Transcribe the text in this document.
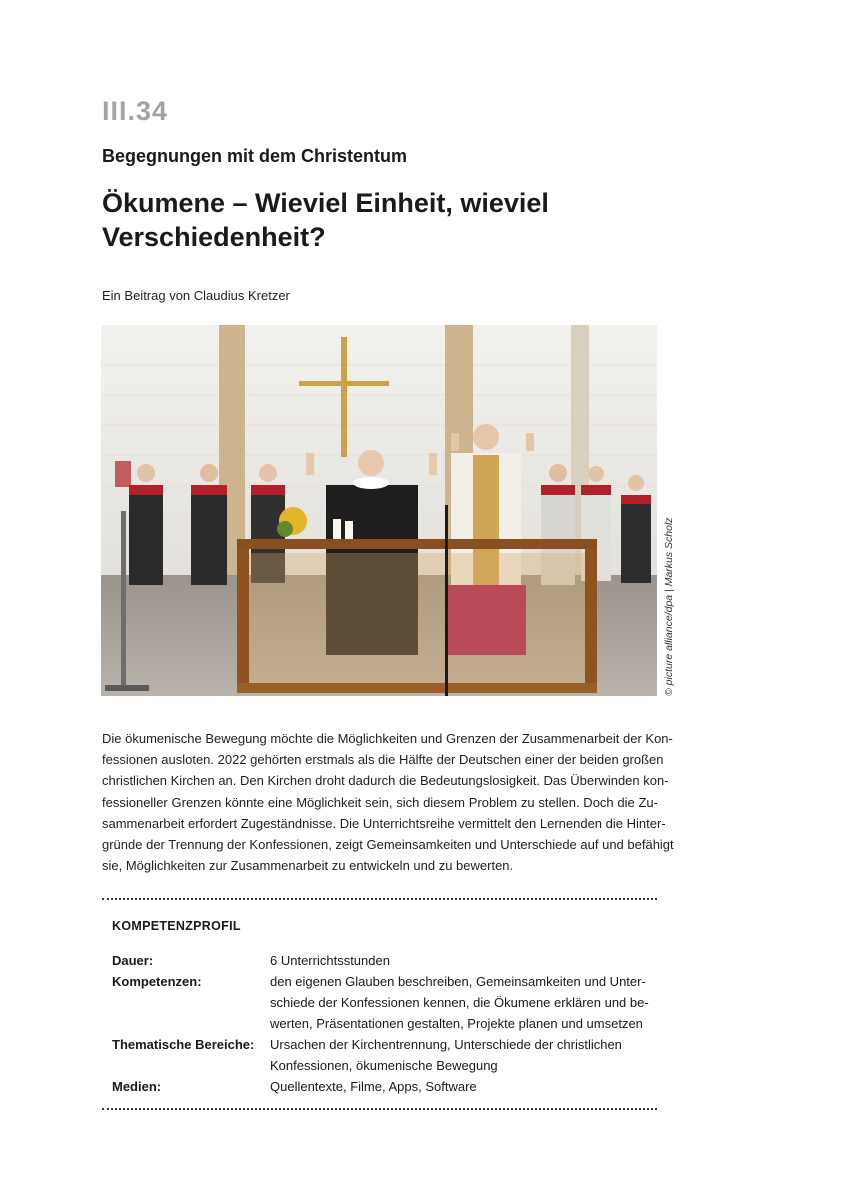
III.34
Begegnungen mit dem Christentum
Ökumene – Wieviel Einheit, wieviel
Verschiedenheit?
Ein Beitrag von Claudius Kretzer
© picture alliance/dpa | Markus Scholz
Die ökumenische Bewegung möchte die Möglichkeiten und Grenzen der Zusammenarbeit der Kon-
fessionen ausloten. 2022 gehörten erstmals als die Hälfte der Deutschen einer der beiden großen
christlichen Kirchen an. Den Kirchen droht dadurch die Bedeutungslosigkeit. Das Überwinden kon-
fessioneller Grenzen könnte eine Möglichkeit sein, sich diesem Problem zu stellen. Doch die Zu-
sammenarbeit erfordert Zugeständnisse. Die Unterrichtsreihe vermittelt den Lernenden die Hinter-
gründe der Trennung der Konfessionen, zeigt Gemeinsamkeiten und Unterschiede auf und befähigt
sie, Möglichkeiten zur Zusammenarbeit zu entwickeln und zu bewerten.
KOMPETENZPROFIL
Dauer:	6 Unterrichtsstunden
Kompetenzen:	den eigenen Glauben beschreiben, Gemeinsamkeiten und Unter-
schiede der Konfessionen kennen, die Ökumene erklären und be-
werten, Präsentationen gestalten, Projekte planen und umsetzen
Thematische Bereiche: Ursachen der Kirchentrennung, Unterschiede der christlichen
Konfessionen, ökumenische Bewegung
Medien:	Quellentexte, Filme, Apps, Software
